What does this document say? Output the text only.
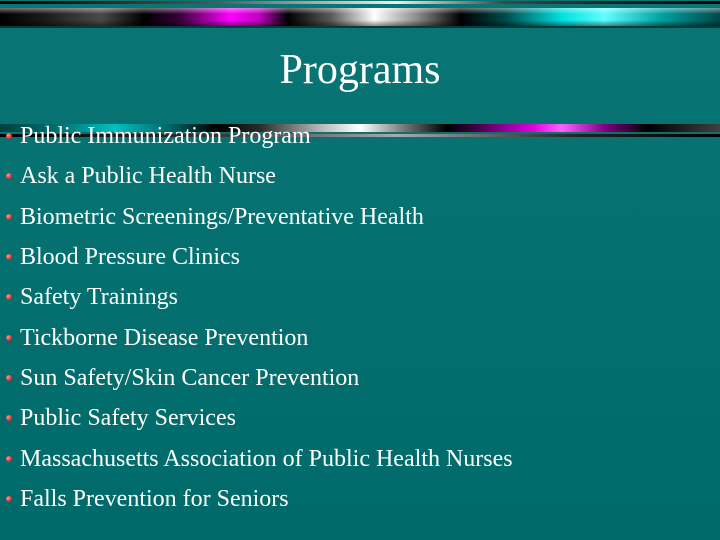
Programs
Public Immunization Program
Ask a Public Health Nurse
Biometric Screenings/Preventative Health
Blood Pressure Clinics
Safety Trainings
Tickborne Disease Prevention
Sun Safety/Skin Cancer Prevention
Public Safety Services
Massachusetts Association of Public Health Nurses
Falls Prevention for Seniors
